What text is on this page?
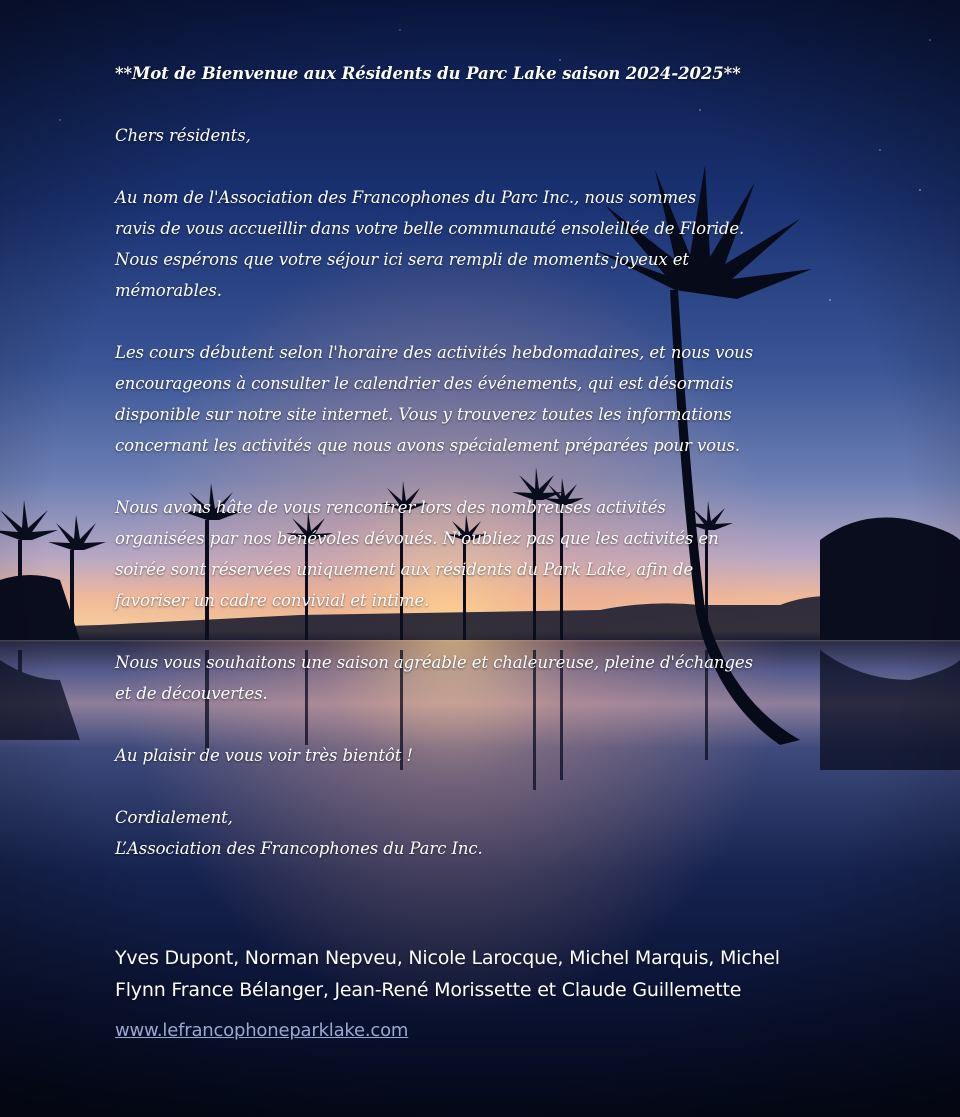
**Mot de Bienvenue aux Résidents du Parc Lake saison 2024-2025**

Chers résidents,

Au nom de l'Association des Francophones du Parc Inc., nous sommes
ravis de vous accueillir dans votre belle communauté ensoleillée de Floride.

Nous espérons que votre séjour ici sera rempli de moments joyeux et
mémorables.

Les cours débutent selon l'horaire des activités hebdomadaires, et nous vous
encourageons à consulter le calendrier des événements, qui est désormais
disponible sur notre site internet. Vous y trouverez toutes les informations
concernant les activités que nous avons spécialement préparées pour vous.

Nous avons hâte de vous rencontrer lors des nombreuses activités
organisées par nos bénévoles dévoués. N'oubliez pas que les activités en
soirée sont réservées uniquement aux résidents du Park Lake, afin de
favoriser un cadre convivial et intime.

Nous vous souhaitons une saison agréable et chaleureuse, pleine d'échanges
et de découvertes.

Au plaisir de vous voir très bientôt !

Cordialement,
L’Association des Francophones du Parc Inc.

Yves Dupont, Norman Nepveu, Nicole Larocque, Michel Marquis, Michel
Flynn France Bélanger, Jean-René Morissette et Claude Guillemette
www.lefrancophoneparklake.com
